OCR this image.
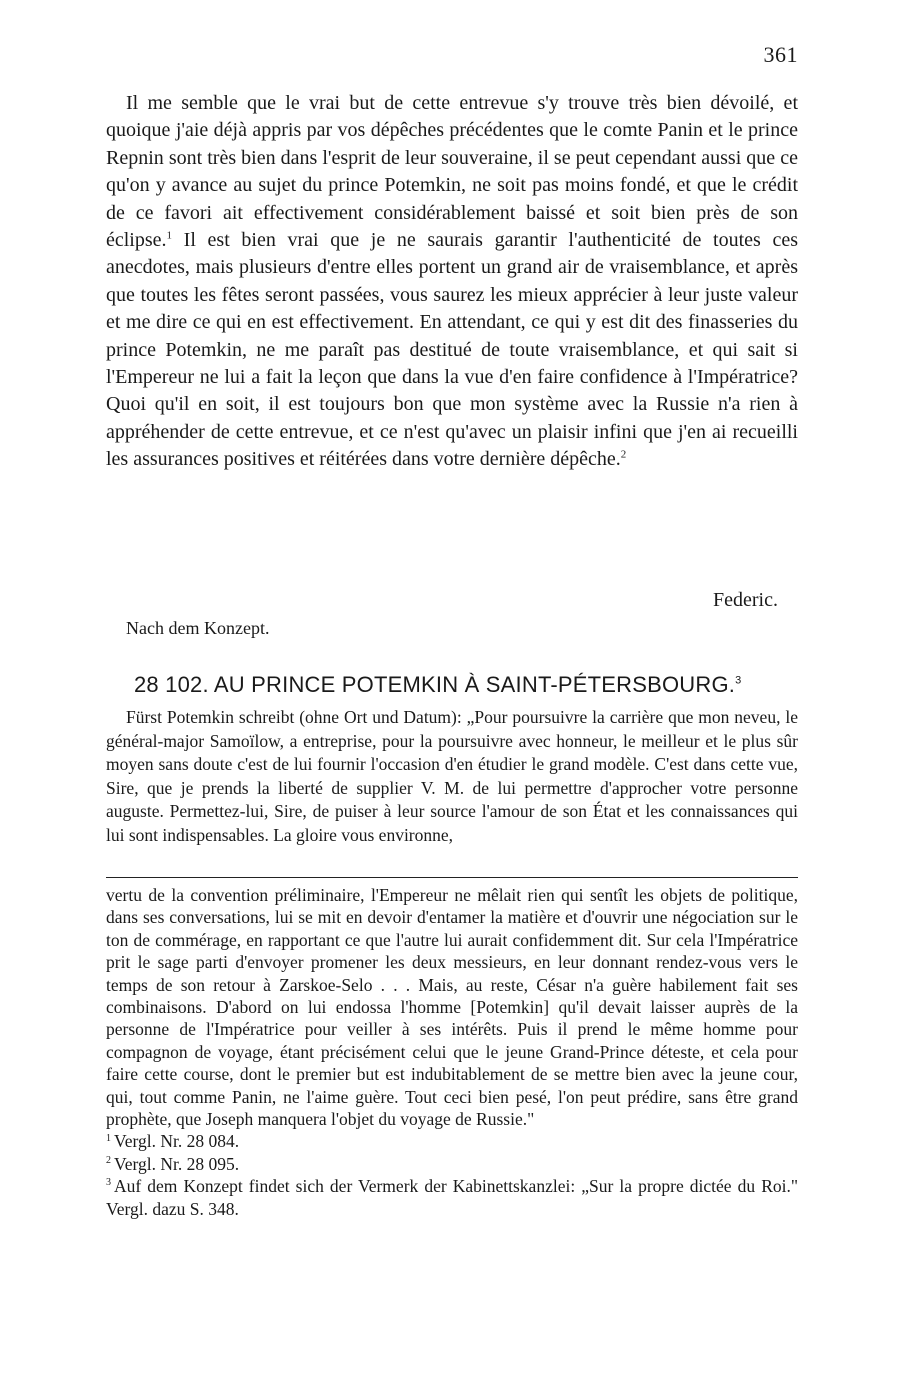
361

Il me semble que le vrai but de cette entrevue s'y trouve très bien dévoilé, et quoique j'aie déjà appris par vos dépêches précédentes que le comte Panin et le prince Repnin sont très bien dans l'esprit de leur souveraine, il se peut cependant aussi que ce qu'on y avance au sujet du prince Potemkin, ne soit pas moins fondé, et que le crédit de ce favori ait effectivement considérablement baissé et soit bien près de son éclipse.$^1$ Il est bien vrai que je ne saurais garantir l'authenticité de toutes ces anecdotes, mais plusieurs d'entre elles portent un grand air de vraisemblance, et après que toutes les fêtes seront passées, vous saurez les mieux apprécier à leur juste valeur et me dire ce qui en est effectivement. En attendant, ce qui y est dit des finasseries du prince Potemkin, ne me paraît pas destitué de toute vraisemblance, et qui sait si l'Empereur ne lui a fait la leçon que dans la vue d'en faire confidence à l'Impératrice? Quoi qu'il en soit, il est toujours bon que mon système avec la Russie n'a rien à appréhender de cette entrevue, et ce n'est qu'avec un plaisir infini que j'en ai recueilli les assurances positives et réitérées dans votre dernière dépêche.$^2$

Federic.
Nach dem Konzept.
28 102. AU PRINCE POTEMKIN À SAINT-PÉTERSBOURG.$^3$

Fürst Potemkin schreibt (ohne Ort und Datum): „Pour poursuivre la carrière que mon neveu, le général-major Samoïlow, a entreprise, pour la poursuivre avec honneur, le meilleur et le plus sûr moyen sans doute c'est de lui fournir l'occasion d'en étudier le grand modèle. C'est dans cette vue, Sire, que je prends la liberté de supplier V. M. de lui permettre d'approcher votre personne auguste. Permettez-lui, Sire, de puiser à leur source l'amour de son État et les connaissances qui lui sont indispensables. La gloire vous environne,

vertu de la convention préliminaire, l'Empereur ne mêlait rien qui sentît les objets de politique, dans ses conversations, lui se mit en devoir d'entamer la matière et d'ouvrir une négociation sur le ton de commérage, en rapportant ce que l'autre lui aurait confidemment dit. Sur cela l'Impératrice prit le sage parti d'envoyer promener les deux messieurs, en leur donnant rendez-vous vers le temps de son retour à Zarskoe-Selo . . . Mais, au reste, César n'a guère habilement fait ses combinaisons. D'abord on lui endossa l'homme [Potemkin] qu'il devait laisser auprès de la personne de l'Impératrice pour veiller à ses intérêts. Puis il prend le même homme pour compagnon de voyage, étant précisément celui que le jeune Grand-Prince déteste, et cela pour faire cette course, dont le premier but est indubitablement de se mettre bien avec la jeune cour, qui, tout comme Panin, ne l'aime guère. Tout ceci bien pesé, l'on peut prédire, sans être grand prophète, que Joseph manquera l'objet du voyage de Russie."

$^1$ Vergl. Nr. 28 084.
$^2$ Vergl. Nr. 28 095.
$^3$ Auf dem Konzept findet sich der Vermerk der Kabinettskanzlei: „Sur la propre dictée du Roi." Vergl. dazu S. 348.
